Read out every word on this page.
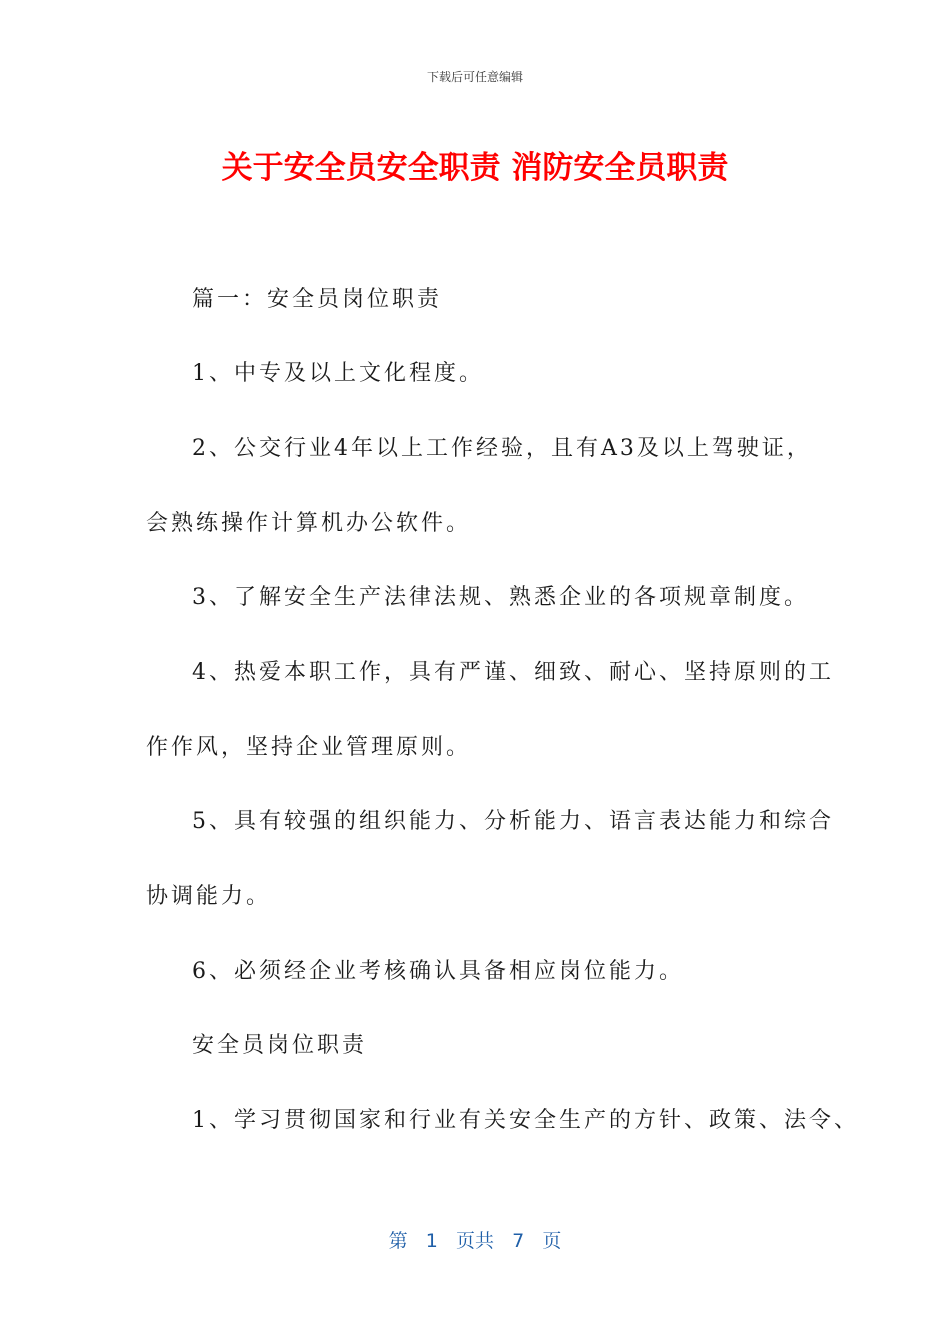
下载后可任意编辑
关于安全员安全职责 消防安全员职责
篇一：安全员岗位职责
1、中专及以上文化程度。
2、公交行业4年以上工作经验，且有A3及以上驾驶证，
会熟练操作计算机办公软件。
3、了解安全生产法律法规、熟悉企业的各项规章制度。
4、热爱本职工作，具有严谨、细致、耐心、坚持原则的工
作作风，坚持企业管理原则。
5、具有较强的组织能力、分析能力、语言表达能力和综合
协调能力。
6、必须经企业考核确认具备相应岗位能力。
安全员岗位职责
1、学习贯彻国家和行业有关安全生产的方针、政策、法令、
第 1 页共 7 页
